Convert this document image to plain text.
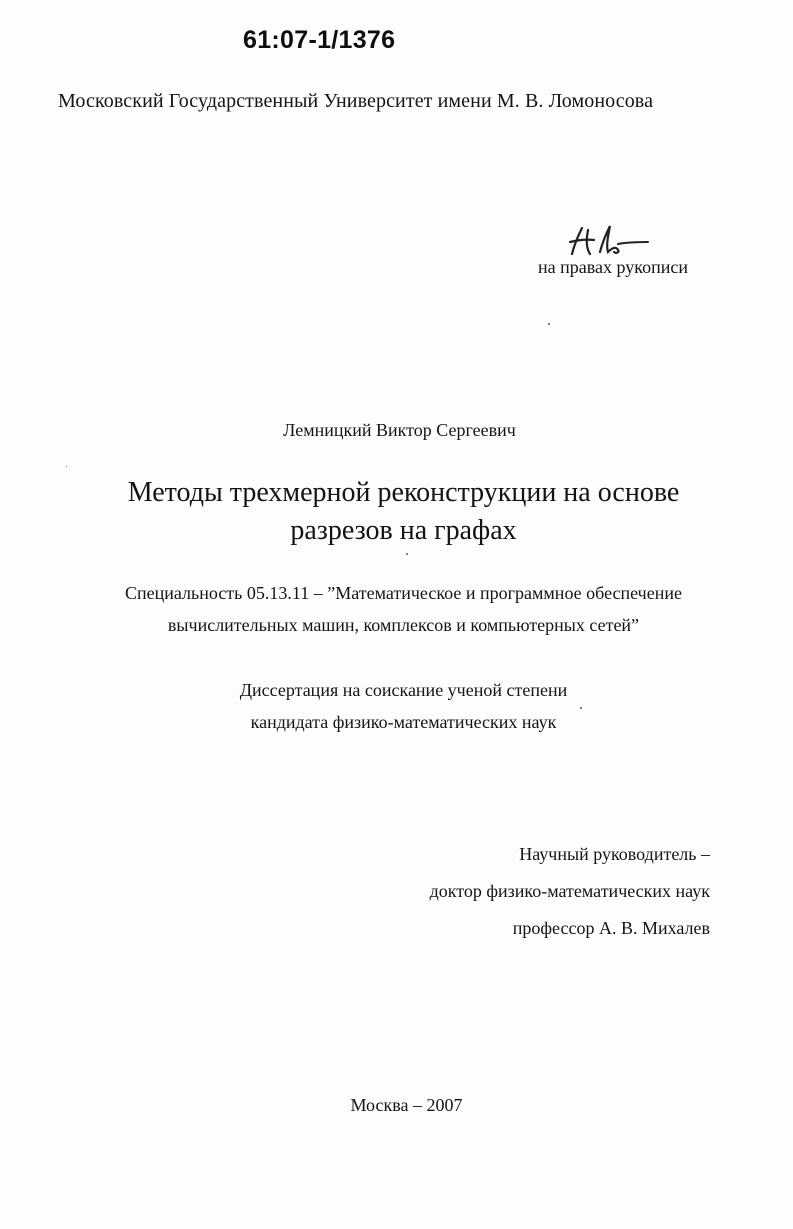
61:07-1/1376
Московский Государственный Университет имени М. В. Ломоносова
на правах рукописи
Лемницкий Виктор Сергеевич
Методы трехмерной реконструкции на основе
разрезов на графах
Специальность 05.13.11 – ”Математическое и программное обеспечение
вычислительных машин, комплексов и компьютерных сетей”
Диссертация на соискание ученой степени
кандидата физико-математических наук
Научный руководитель –
доктор физико-математических наук
профессор А. В. Михалев
Москва – 2007
